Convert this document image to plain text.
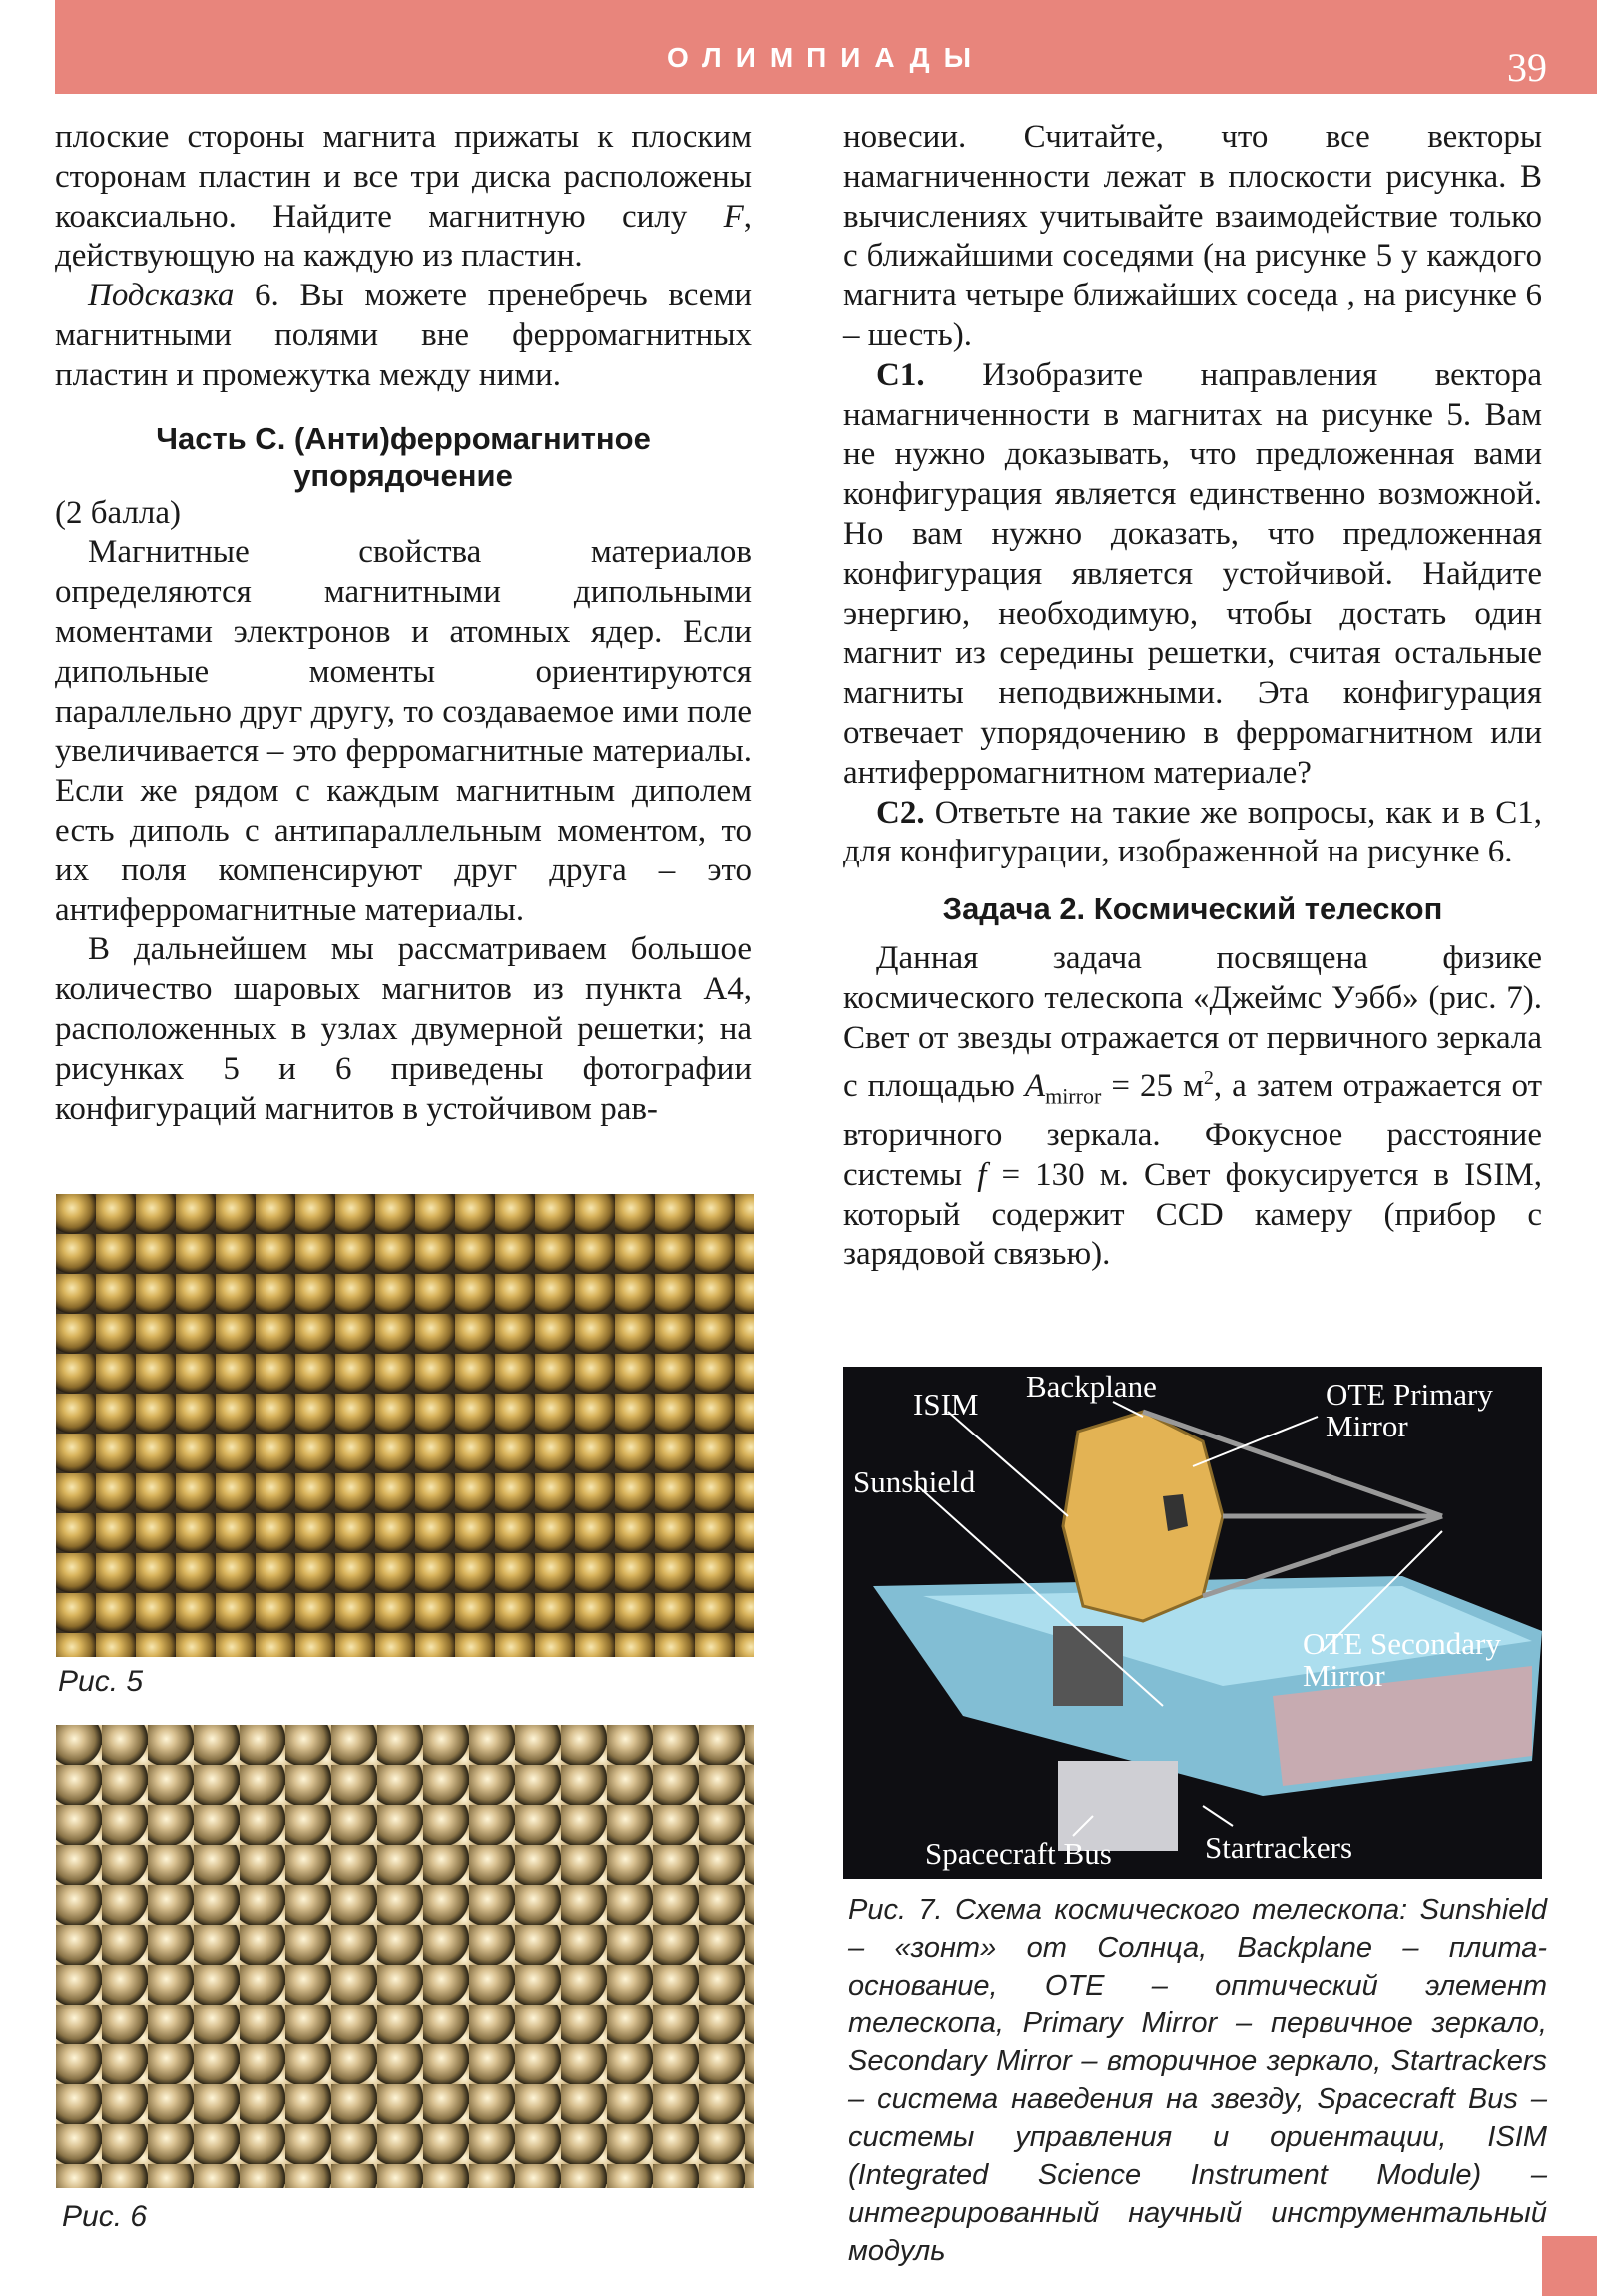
ОЛИМПИАДЫ	39

плоские стороны магнита прижаты к плоским сторонам пластин и все три диска расположены коаксиально. Найдите магнитную силу F, действующую на каждую из пластин.

Подсказка 6. Вы можете пренебречь всеми магнитными полями вне ферромагнитных пластин и промежутка между ними.

Часть С. (Анти)ферромагнитное упорядочение

(2 балла)

Магнитные свойства материалов определяются магнитными дипольными моментами электронов и атомных ядер. Если дипольные моменты ориентируются параллельно друг другу, то создаваемое ими поле увеличивается – это ферромагнитные материалы. Если же рядом с каждым магнитным диполем есть диполь с антипараллельным моментом, то их поля компенсируют друг друга – это антиферромагнитные материалы.

В дальнейшем мы рассматриваем большое количество шаровых магнитов из пункта А4, расположенных в узлах двумерной решетки; на рисунках 5 и 6 приведены фотографии конфигураций магнитов в устойчивом рав-

Рис. 5
Рис. 6

новесии. Считайте, что все векторы намагниченности лежат в плоскости рисунка. В вычислениях учитывайте взаимодействие только с ближайшими соседями (на рисунке 5 у каждого магнита четыре ближайших соседа , на рисунке 6 – шесть).

C1. Изобразите направления вектора намагниченности в магнитах на рисунке 5. Вам не нужно доказывать, что предложенная вами конфигурация является единственно возможной. Но вам нужно доказать, что предложенная конфигурация является устойчивой. Найдите энергию, необходимую, чтобы достать один магнит из середины решетки, считая остальные магниты неподвижными. Эта конфигурация отвечает упорядочению в ферромагнитном или антиферромагнитном материале?

C2. Ответьте на такие же вопросы, как и в С1, для конфигурации, изображенной на рисунке 6.

Задача 2. Космический телескоп

Данная задача посвящена физике космического телескопа «Джеймс Уэбб» (рис. 7). Свет от звезды отражается от первичного зеркала с площадью $A_{mirror} = 25$ $м^2$, а затем отражается от вторичного зеркала. Фокусное расстояние системы f = 130 м. Свет фокусируется в ISIM, который содержит CCD камеру (прибор с зарядовой связью).

ISIM
Backplane	OTE Primary Mirror
Sunshield
OTE Secondary Mirror
Spacecraft Bus	Startrackers
Рис. 7. Схема космического телескопа: Sunshield – «зонт» от Солнца, Backplane – плита-основание, OTE – оптический элемент телескопа, Primary Mirror – первичное зеркало, Secondary Mirror – вторичное зеркало, Startrackers – система наведения на звезду, Spacecraft Bus – системы управления и ориентации, ISIM (Integrated Science Instrument Module) – интегрированный научный инструментальный модуль
